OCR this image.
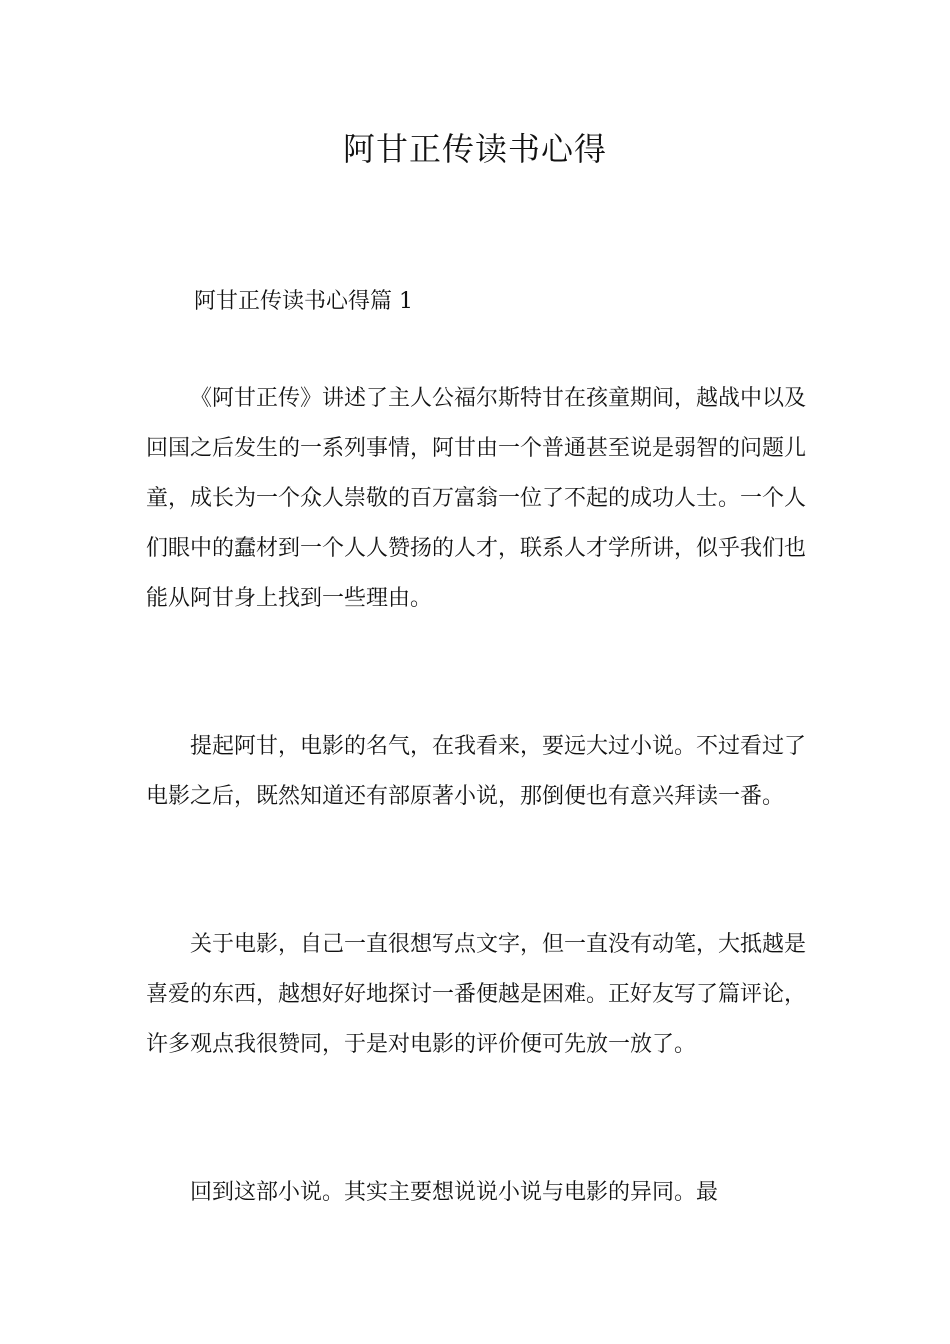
阿甘正传读书心得
阿甘正传读书心得篇 1

《阿甘正传》讲述了主人公福尔斯特甘在孩童期间，越战中以及回国之后发生的一系列事情，阿甘由一个普通甚至说是弱智的问题儿童，成长为一个众人崇敬的百万富翁一位了不起的成功人士。一个人们眼中的蠢材到一个人人赞扬的人才，联系人才学所讲，似乎我们也能从阿甘身上找到一些理由。

提起阿甘，电影的名气，在我看来，要远大过小说。不过看过了电影之后，既然知道还有部原著小说，那倒便也有意兴拜读一番。

关于电影，自己一直很想写点文字，但一直没有动笔，大抵越是喜爱的东西，越想好好地探讨一番便越是困难。正好友写了篇评论，许多观点我很赞同，于是对电影的评价便可先放一放了。

回到这部小说。其实主要想说说小说与电影的异同。最
